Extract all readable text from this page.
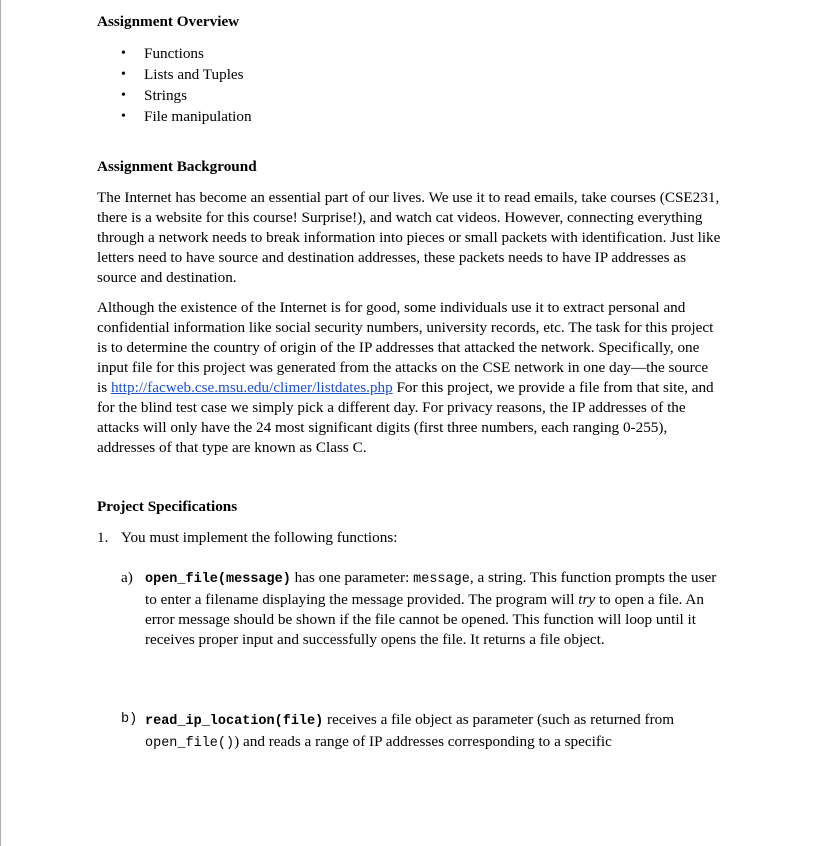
Assignment Overview
• Functions
• Lists and Tuples
• Strings
• File manipulation
Assignment Background

The Internet has become an essential part of our lives. We use it to read emails, take courses (CSE231, there is a website for this course! Surprise!), and watch cat videos. However, connecting everything through a network needs to break information into pieces or small packets with identification. Just like letters need to have source and destination addresses, these packets needs to have IP addresses as source and destination.

Although the existence of the Internet is for good, some individuals use it to extract personal and confidential information like social security numbers, university records, etc. The task for this project is to determine the country of origin of the IP addresses that attacked the network. Specifically, one input file for this project was generated from the attacks on the CSE network in one day—the source is http://facweb.cse.msu.edu/climer/listdates.php For this project, we provide a file from that site, and for the blind test case we simply pick a different day. For privacy reasons, the IP addresses of the attacks will only have the 24 most significant digits (first three numbers, each ranging 0-255), addresses of that type are known as Class C.

Project Specifications
1. You must implement the following functions:
a) open_file(message) has one parameter: message, a string. This function prompts the user to enter a filename displaying the message provided. The program will try to open a file. An error message should be shown if the file cannot be opened. This function will loop until it receives proper input and successfully opens the file. It returns a file object.
b) read_ip_location(file) receives a file object as parameter (such as returned from open_file()) and reads a range of IP addresses corresponding to a specific
